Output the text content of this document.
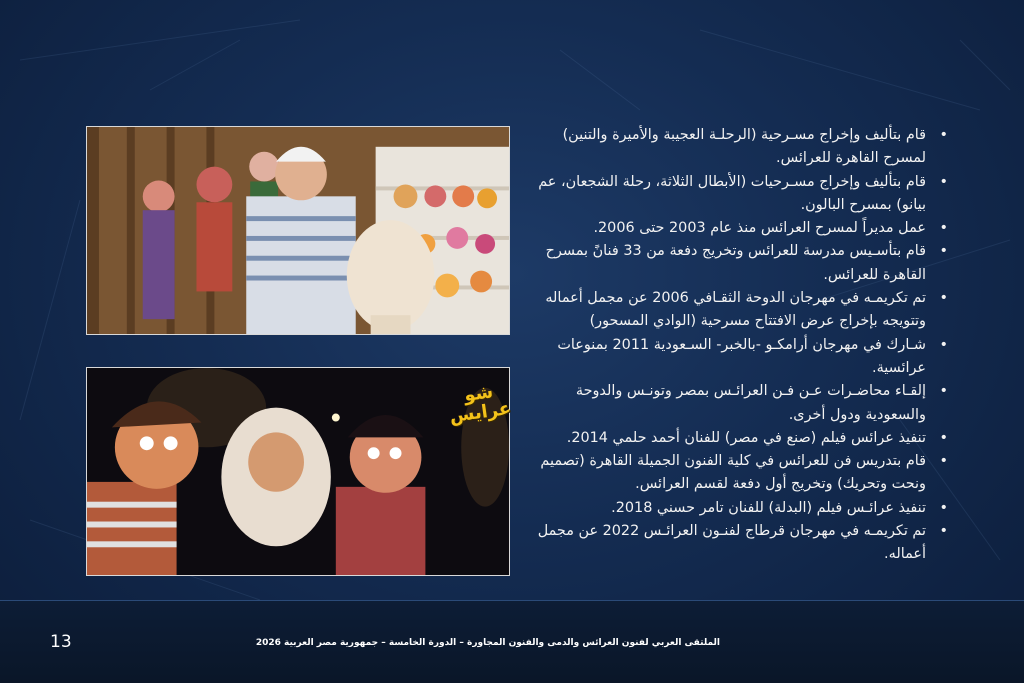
شو عرايس
• قام بتأليف وإخراج مسـرحية (الرحلـة العجيبة والأميرة والتنين) لمسرح القاهرة للعرائس.
• قام بتأليف وإخراج مسـرحيات (الأبطال الثلاثة، رحلة الشجعان، عم بيانو) بمسرح البالون.
• عمل مديراً لمسرح العرائس منذ عام 2003 حتى 2006.
• قام بتأسـيس مدرسة للعرائس وتخريج دفعة من 33 فنانًَ بمسرح القاهرة للعرائس.
• تم تكريمـه ﻓﻲ مهرجان الدوحة الثقـاﻓﻲ 2006 عن مجمل أعماله وتتويجه بإخراج عرض الافتتاح مسرحية (الوادي المسحور)
• شـارك ﻓﻲ مهرجان أرامكـو -بالخبر- السـعودية 2011 بمنوعات عرائسية.
• إلقـاء محاضـرات عـن فـن العرائـس بمصر وتونـس والدوحة والسعودية ودول أخرى.
• تنفيذ عرائس فيلم (صنع ﻓﻲ مصر) للفنان أحمد حلمي 2014.
• قام بتدريس فن للعرائس ﻓﻲ كلية الفنون الجميلة القاهرة (تصميم ونحت وتحريك) وتخريج أول دفعة لقسم العرائس.
• تنفيذ عرائـس فيلم (البدلة) للفنان تامر حسني 2018.
• تم تكريمـه ﻓﻲ مهرجان قرطاج لفنـون العرائـس 2022 عن مجمل أعماله.
13	الملتقى العربي لفنون العرائس والدمى والفنون المجاورة – الدورة الخامسة – جمهورية مصر العربية 2026
